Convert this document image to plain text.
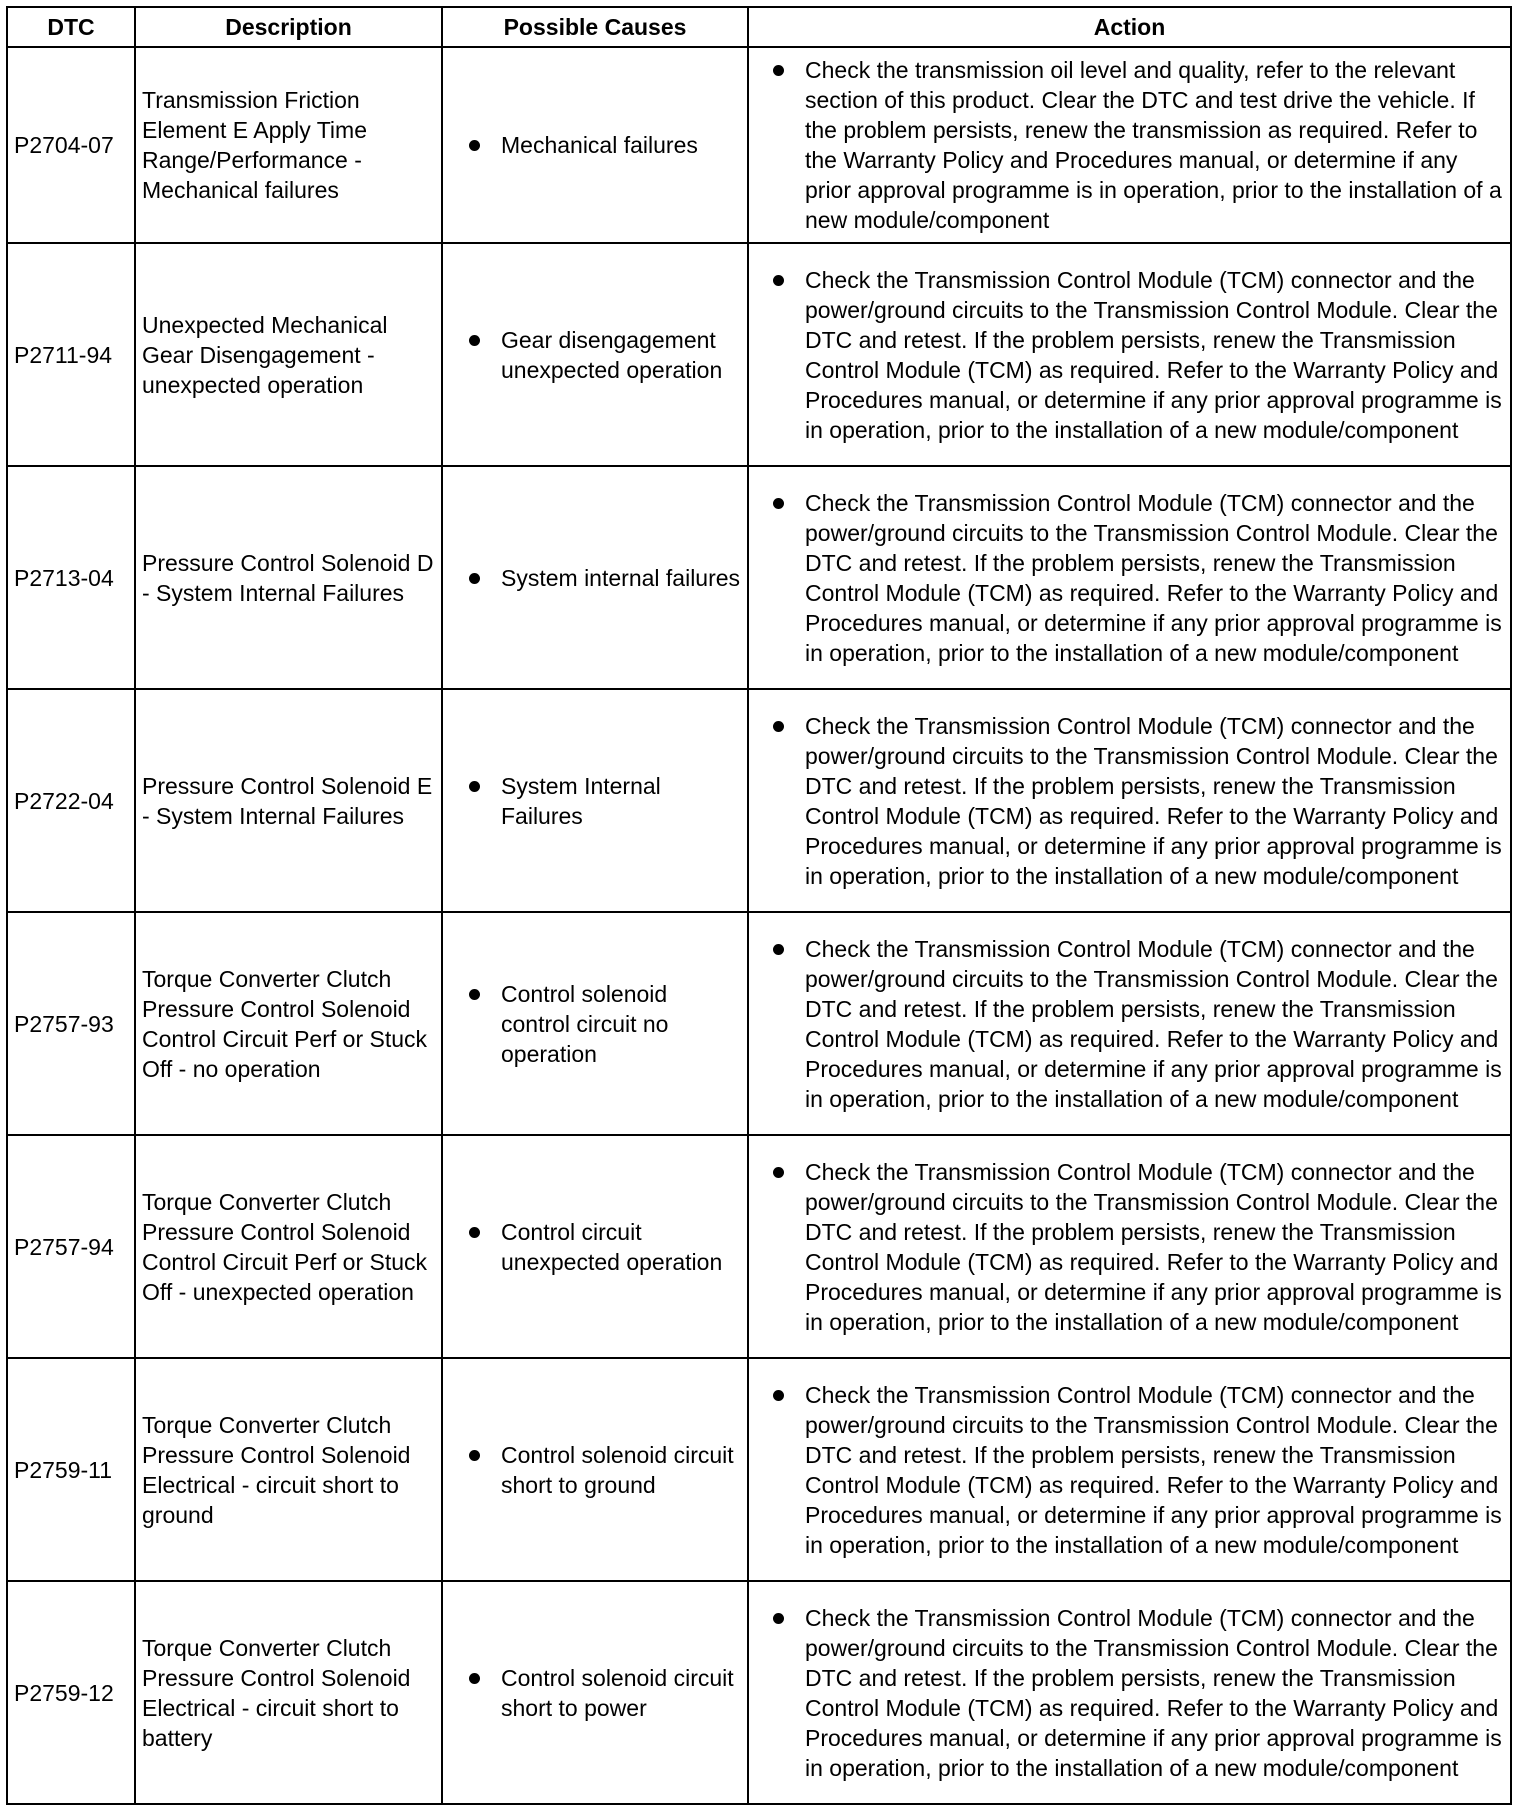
DTC	Description	Possible Causes	Action
P2704-07	Transmission Friction Element E Apply Time Range/Performance - Mechanical failures	Mechanical failures	Check the transmission oil level and quality, refer to the relevant section of this product. Clear the DTC and test drive the vehicle. If the problem persists, renew the transmission as required. Refer to the Warranty Policy and Procedures manual, or determine if any prior approval programme is in operation, prior to the installation of a new module/component

P2711-94	Unexpected Mechanical Gear Disengagement - unexpected operation	Gear disengagement unexpected operation	Check the Transmission Control Module (TCM) connector and the power/ground circuits to the Transmission Control Module. Clear the DTC and retest. If the problem persists, renew the Transmission Control Module (TCM) as required. Refer to the Warranty Policy and Procedures manual, or determine if any prior approval programme is in operation, prior to the installation of a new module/component

P2713-04	Pressure Control Solenoid D - System Internal Failures	System internal failures	Check the Transmission Control Module (TCM) connector and the power/ground circuits to the Transmission Control Module. Clear the DTC and retest. If the problem persists, renew the Transmission Control Module (TCM) as required. Refer to the Warranty Policy and Procedures manual, or determine if any prior approval programme is in operation, prior to the installation of a new module/component

P2722-04	Pressure Control Solenoid E - System Internal Failures	System Internal Failures	Check the Transmission Control Module (TCM) connector and the power/ground circuits to the Transmission Control Module. Clear the DTC and retest. If the problem persists, renew the Transmission Control Module (TCM) as required. Refer to the Warranty Policy and Procedures manual, or determine if any prior approval programme is in operation, prior to the installation of a new module/component

P2757-93	Torque Converter Clutch Pressure Control Solenoid Control Circuit Perf or Stuck Off - no operation	Control solenoid control circuit no operation	Check the Transmission Control Module (TCM) connector and the power/ground circuits to the Transmission Control Module. Clear the DTC and retest. If the problem persists, renew the Transmission Control Module (TCM) as required. Refer to the Warranty Policy and Procedures manual, or determine if any prior approval programme is in operation, prior to the installation of a new module/component

P2757-94	Torque Converter Clutch Pressure Control Solenoid Control Circuit Perf or Stuck Off - unexpected operation	Control circuit unexpected operation	Check the Transmission Control Module (TCM) connector and the power/ground circuits to the Transmission Control Module. Clear the DTC and retest. If the problem persists, renew the Transmission Control Module (TCM) as required. Refer to the Warranty Policy and Procedures manual, or determine if any prior approval programme is in operation, prior to the installation of a new module/component

P2759-11	Torque Converter Clutch Pressure Control Solenoid Electrical - circuit short to ground	Control solenoid circuit short to ground	Check the Transmission Control Module (TCM) connector and the power/ground circuits to the Transmission Control Module. Clear the DTC and retest. If the problem persists, renew the Transmission Control Module (TCM) as required. Refer to the Warranty Policy and Procedures manual, or determine if any prior approval programme is in operation, prior to the installation of a new module/component

P2759-12	Torque Converter Clutch Pressure Control Solenoid Electrical - circuit short to battery	Control solenoid circuit short to power	Check the Transmission Control Module (TCM) connector and the power/ground circuits to the Transmission Control Module. Clear the DTC and retest. If the problem persists, renew the Transmission Control Module (TCM) as required. Refer to the Warranty Policy and Procedures manual, or determine if any prior approval programme is in operation, prior to the installation of a new module/component
